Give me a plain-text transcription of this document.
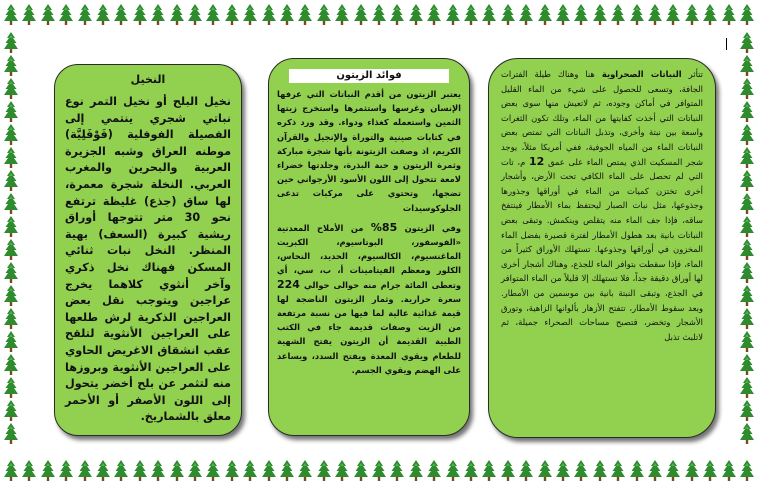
النخيل

نخيل البلح أو نخيل التمر نوع نباتي شجري ينتمي إلى الفصيلة الفوفلية (فَوْفَلِيَّة) موطنه العراق وشبه الجزيرة العربية والبحرين والمغرب العربي. النخلة شجرة معمرة، لها ساق (جذع) غليظة ترتفع نحو 30 متر تتوجها أوراق ريشية كبيرة (السعف) بهية المنظر. النخل نبات ثنائي المسكن فهناك نخل ذكري وآخر أنثوي كلاهما يخرج عراجين ويتوجب نقل بعض العراجين الذكرية لرش طلعها على العراجين الأنثوية لتلقح عقب انشقاق الاغريض الحاوي على العراجين الأنثوية وبروزها منه لتثمر عن بلح أخضر يتحول إلى اللون الأصفر أو الأحمر معلق بالشماريخ.

فوائد الزيتون

يعتبر الزيتون من أقدم النباتات التي عرفها الإنسان وغرسها واستثمرها واستخرج زيتها الثمين واستعمله كغذاء ودواء. وقد ورد ذكره في كتابات صينية والتوراة والإنجيل والقرآن الكريم، اذ وصفت الزيتونة بأنها شجرة مباركة وثمرة الزيتون و حبة البذرة، وجلدتها خضراء لامعة تتحول إلى اللون الأسود الأرجواني حين تضجها، وتحتوي على مركبات تدعى الجلوكوسيدات

وفي الزيتون 85% من الأملاح المعدنية «الفوسفور، البوتاسيوم، الكبريت الماغنسيوم، الكالسيوم، الحديد، النحاس، الكلور ومعظم الفيتامينات أ، ب، سي، أي وتعطى المائة جرام منه حوالى حوالي 224 سعرة حرارية. وثمار الزيتون الناضجة لها قيمة غذائية عالية لما فيها من نسبة مرتفعة من الزيت وصفات قديمة جاء في الكتب الطبية القديمة أن الزيتون يفتح الشهية للطعام ويقوي المعدة ويفتح السدد، ويساعد على الهضم ويقوي الجسم.

تتأثر النباتات الصحراوية هنا وهناك طيلة الفترات الجافة، وتسعى للحصول على شيء من الماء القليل المتوافر في أماكن وجوده، ثم لاتعيش منها سوى بعض النباتات التي أخذت كفايتها من الماء، وتلك تكون الثغرات واسعة بين نبتة وأخرى، وتذبل النباتات التي تمتص بعض النباتات الماء من المياه الجوفية، ففي أمريكا مثلاً، يوجد شجر المسكيت الذي يمتص الماء على عمق 12 م، تات التي لم تحصل على الماء الكافي تحت الأرض، وأشجار أخرى تختزن كميات من الماء في أوراقها وجذورها وجذوعها، مثل نبات الصبار ليحتفظ بماء الأمطار فينتفخ ساقه، فإذا جف الماء منه يتقلص وينكمش. وتبقى بعض النباتات بانية بعد هطول الأمطار لفترة قصيرة بفضل الماء المخزون في أوراقها وجذوعها. تستهلك الأوراق كثيراً من الماء، فإذا سقطت بتوافر الماء للجذع، وهناك أشجار أخرى لها أوراق دقيقة جداً، فلا تستهلك إلا قليلاً من الماء المتوافر في الجذع، وتبقى النبتة بانية بين موسمين من الأمطار. وبعد سقوط الأمطار، تتفتح الأزهار بألوانها الزاهية، وتورق الأشجار وتخضر، فتصبح مساحات الصحراء جميلة، ثم لاتلبث تذبل
